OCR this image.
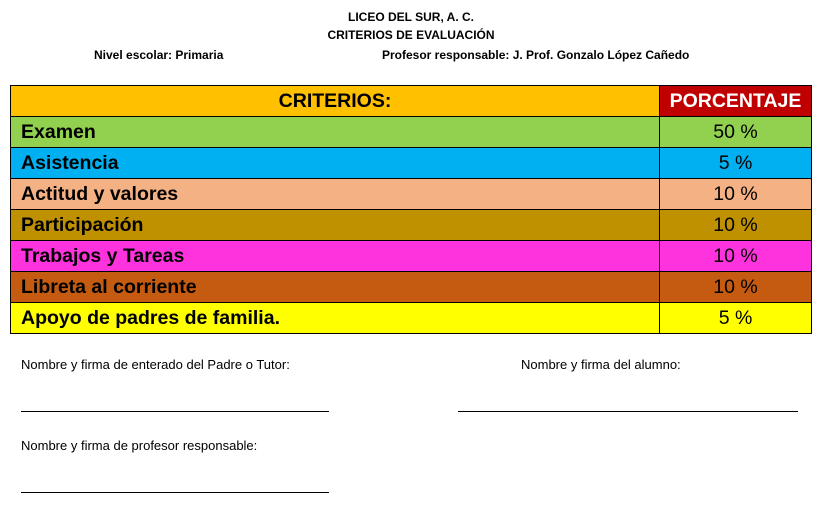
LICEO DEL SUR, A. C.
CRITERIOS DE EVALUACIÓN
Nivel escolar: Primaria	Profesor responsable: J. Prof. Gonzalo López Cañedo
CRITERIOS:	PORCENTAJE
Examen	50 %
Asistencia	5 %
Actitud y valores	10 %
Participación	10 %
Trabajos y Tareas	10 %
Libreta al corriente	10 %
Apoyo de padres de familia.	5 %
Nombre y firma de enterado del Padre o Tutor:	Nombre y firma del alumno:
Nombre y firma de profesor responsable:
